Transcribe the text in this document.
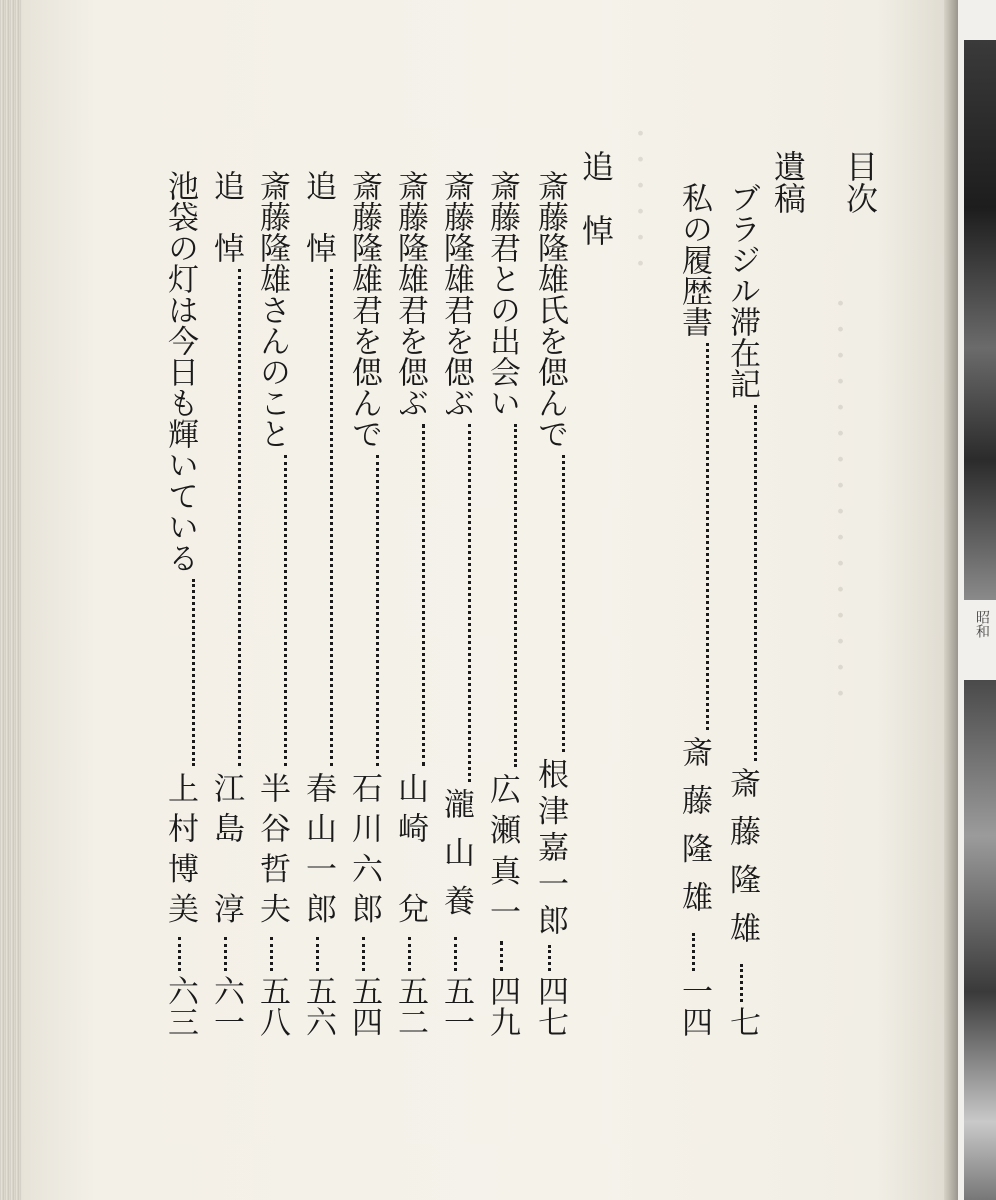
昭和
・・・・・・・・・・・・・・・・
・・・・・・	目次
遺稿
ブラジル滞在記
斎藤隆雄
七
私の履歴書
斎藤隆雄
一四
追　悼
斎藤隆雄氏を偲んで
根津嘉一郎
四七
斎藤君との出会い
広瀬真一
四九
斎藤隆雄君を偲ぶ
瀧山養
五一
斎藤隆雄君を偲ぶ
山崎　兌
五二
斎藤隆雄君を偲んで
石川六郎
五四
追　悼
春山一郎
五六
斎藤隆雄さんのこと
半谷哲夫
五八
追　悼
江島　淳
六一
池袋の灯は今日も輝いている
上村博美
六三
